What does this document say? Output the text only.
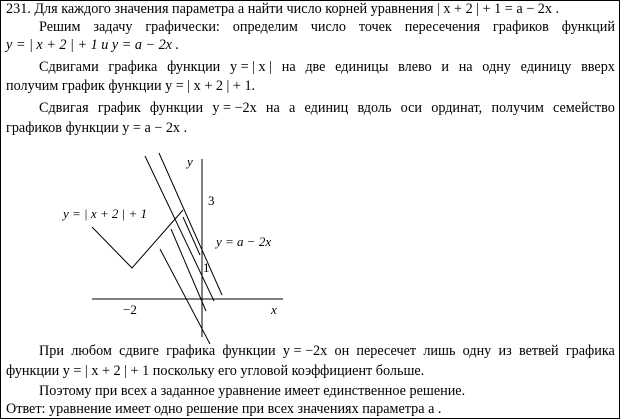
231. Для каждого значения параметра a найти число корней уравнения | x + 2 | + 1 = a − 2x .
Решим задачу графически: определим число точек пересечения графиков функций
y = | x + 2 | + 1 и y = a − 2x .
Сдвигами графика функции y = | x | на две единицы влево и на одну единицу вверх
получим график функции y = | x + 2 | + 1.
Сдвигая график функции y = −2x на a единиц вдоль оси ординат, получим семейство
графиков функции y = a − 2x .
y = | x + 2 | + 1
y = a − 2x
y
x
3
1
−2
При любом сдвиге графика функции y = −2x он пересечет лишь одну из ветвей графика
функции y = | x + 2 | + 1 поскольку его угловой коэффициент больше.
Поэтому при всех a заданное уравнение имеет единственное решение.
Ответ: уравнение имеет одно решение при всех значениях параметра a .
